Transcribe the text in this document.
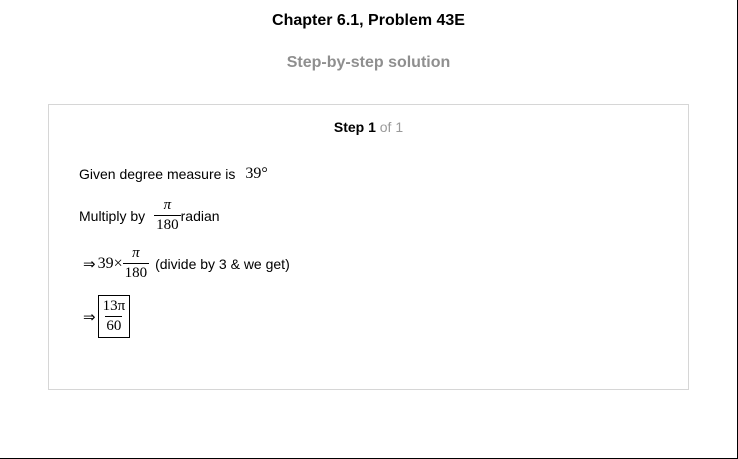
Chapter 6.1, Problem 43E
Step-by-step solution
Step 1 of 1
Given degree measure is 39°
Multiply by $\frac{\pi}{180}$ radian
⇒ $39\times \frac{\pi}{180}$ (divide by 3 & we get)
⇒ $\frac{13\pi}{60}$
